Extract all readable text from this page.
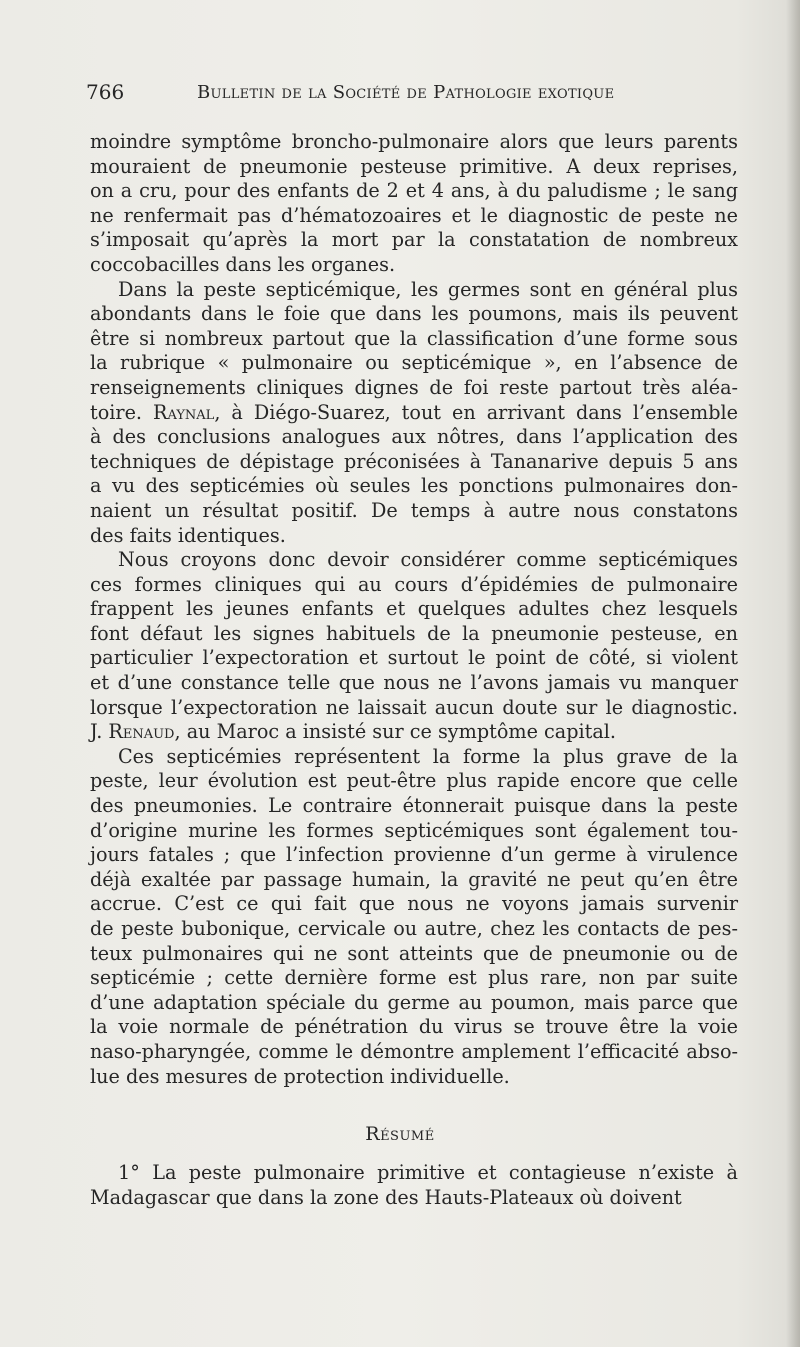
766	Bulletin de la Société de Pathologie exotique
moindre symptôme broncho-pulmonaire alors que leurs parents
mouraient de pneumonie pesteuse primitive. A deux reprises,
on a cru, pour des enfants de 2 et 4 ans, à du paludisme ; le sang
ne renfermait pas d’hématozoaires et le diagnostic de peste ne
s’imposait qu’après la mort par la constatation de nombreux
coccobacilles dans les organes.
Dans la peste septicémique, les germes sont en général plus
abondants dans le foie que dans les poumons, mais ils peuvent
être si nombreux partout que la classification d’une forme sous
la rubrique « pulmonaire ou septicémique », en l’absence de
renseignements cliniques dignes de foi reste partout très aléa-
toire. Raynal, à Diégo-Suarez, tout en arrivant dans l’ensemble
à des conclusions analogues aux nôtres, dans l’application des
techniques de dépistage préconisées à Tananarive depuis 5 ans
a vu des septicémies où seules les ponctions pulmonaires don-
naient un résultat positif. De temps à autre nous constatons
des faits identiques.
Nous croyons donc devoir considérer comme septicémiques
ces formes cliniques qui au cours d’épidémies de pulmonaire
frappent les jeunes enfants et quelques adultes chez lesquels
font défaut les signes habituels de la pneumonie pesteuse, en
particulier l’expectoration et surtout le point de côté, si violent
et d’une constance telle que nous ne l’avons jamais vu manquer
lorsque l’expectoration ne laissait aucun doute sur le diagnostic.
J. Renaud, au Maroc a insisté sur ce symptôme capital.
Ces septicémies représentent la forme la plus grave de la
peste, leur évolution est peut-être plus rapide encore que celle
des pneumonies. Le contraire étonnerait puisque dans la peste
d’origine murine les formes septicémiques sont également tou-
jours fatales ; que l’infection provienne d’un germe à virulence
déjà exaltée par passage humain, la gravité ne peut qu’en être
accrue. C’est ce qui fait que nous ne voyons jamais survenir
de peste bubonique, cervicale ou autre, chez les contacts de pes-
teux pulmonaires qui ne sont atteints que de pneumonie ou de
septicémie ; cette dernière forme est plus rare, non par suite
d’une adaptation spéciale du germe au poumon, mais parce que
la voie normale de pénétration du virus se trouve être la voie
naso-pharyngée, comme le démontre amplement l’efficacité abso-
lue des mesures de protection individuelle.
Résumé
1° La peste pulmonaire primitive et contagieuse n’existe à
Madagascar que dans la zone des Hauts-Plateaux où doivent
